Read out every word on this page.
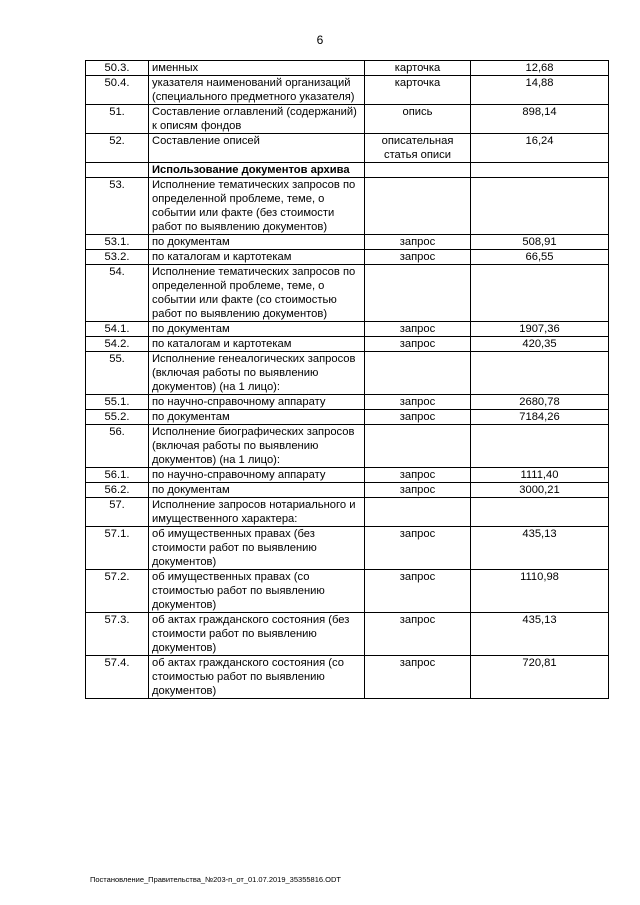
6
50.3.	именных	карточка	12,68
50.4.	указателя наименований организаций (специального предметного указателя)	карточка	14,88
51.	Составление оглавлений (содержаний) к описям фондов	опись	898,14
52.	Составление описей	описательная статья описи	16,24
	Использование документов архива		
53.	Исполнение тематических запросов по определенной проблеме, теме, о событии или факте (без стоимости работ по выявлению документов)		
53.1.	по документам	запрос	508,91
53.2.	по каталогам и картотекам	запрос	66,55
54.	Исполнение тематических запросов по определенной проблеме, теме, о событии или факте (со стоимостью работ по выявлению документов)		
54.1.	по документам	запрос	1907,36
54.2.	по каталогам и картотекам	запрос	420,35
55.	Исполнение генеалогических запросов (включая работы по выявлению документов) (на 1 лицо):		
55.1.	по научно-справочному аппарату	запрос	2680,78
55.2.	по документам	запрос	7184,26
56.	Исполнение биографических запросов (включая работы по выявлению документов) (на 1 лицо):		
56.1.	по научно-справочному аппарату	запрос	1111,40
56.2.	по документам	запрос	3000,21
57.	Исполнение запросов нотариального и имущественного характера:		
57.1.	об имущественных правах (без стоимости работ по выявлению документов)	запрос	435,13
57.2.	об имущественных правах (со стоимостью работ по выявлению документов)	запрос	1110,98
57.3.	об актах гражданского состояния (без стоимости работ по выявлению документов)	запрос	435,13
57.4.	об актах гражданского состояния (со стоимостью работ по выявлению документов)	запрос	720,81
Постановление_Правительства_№203-п_от_01.07.2019_35355816.ODT
